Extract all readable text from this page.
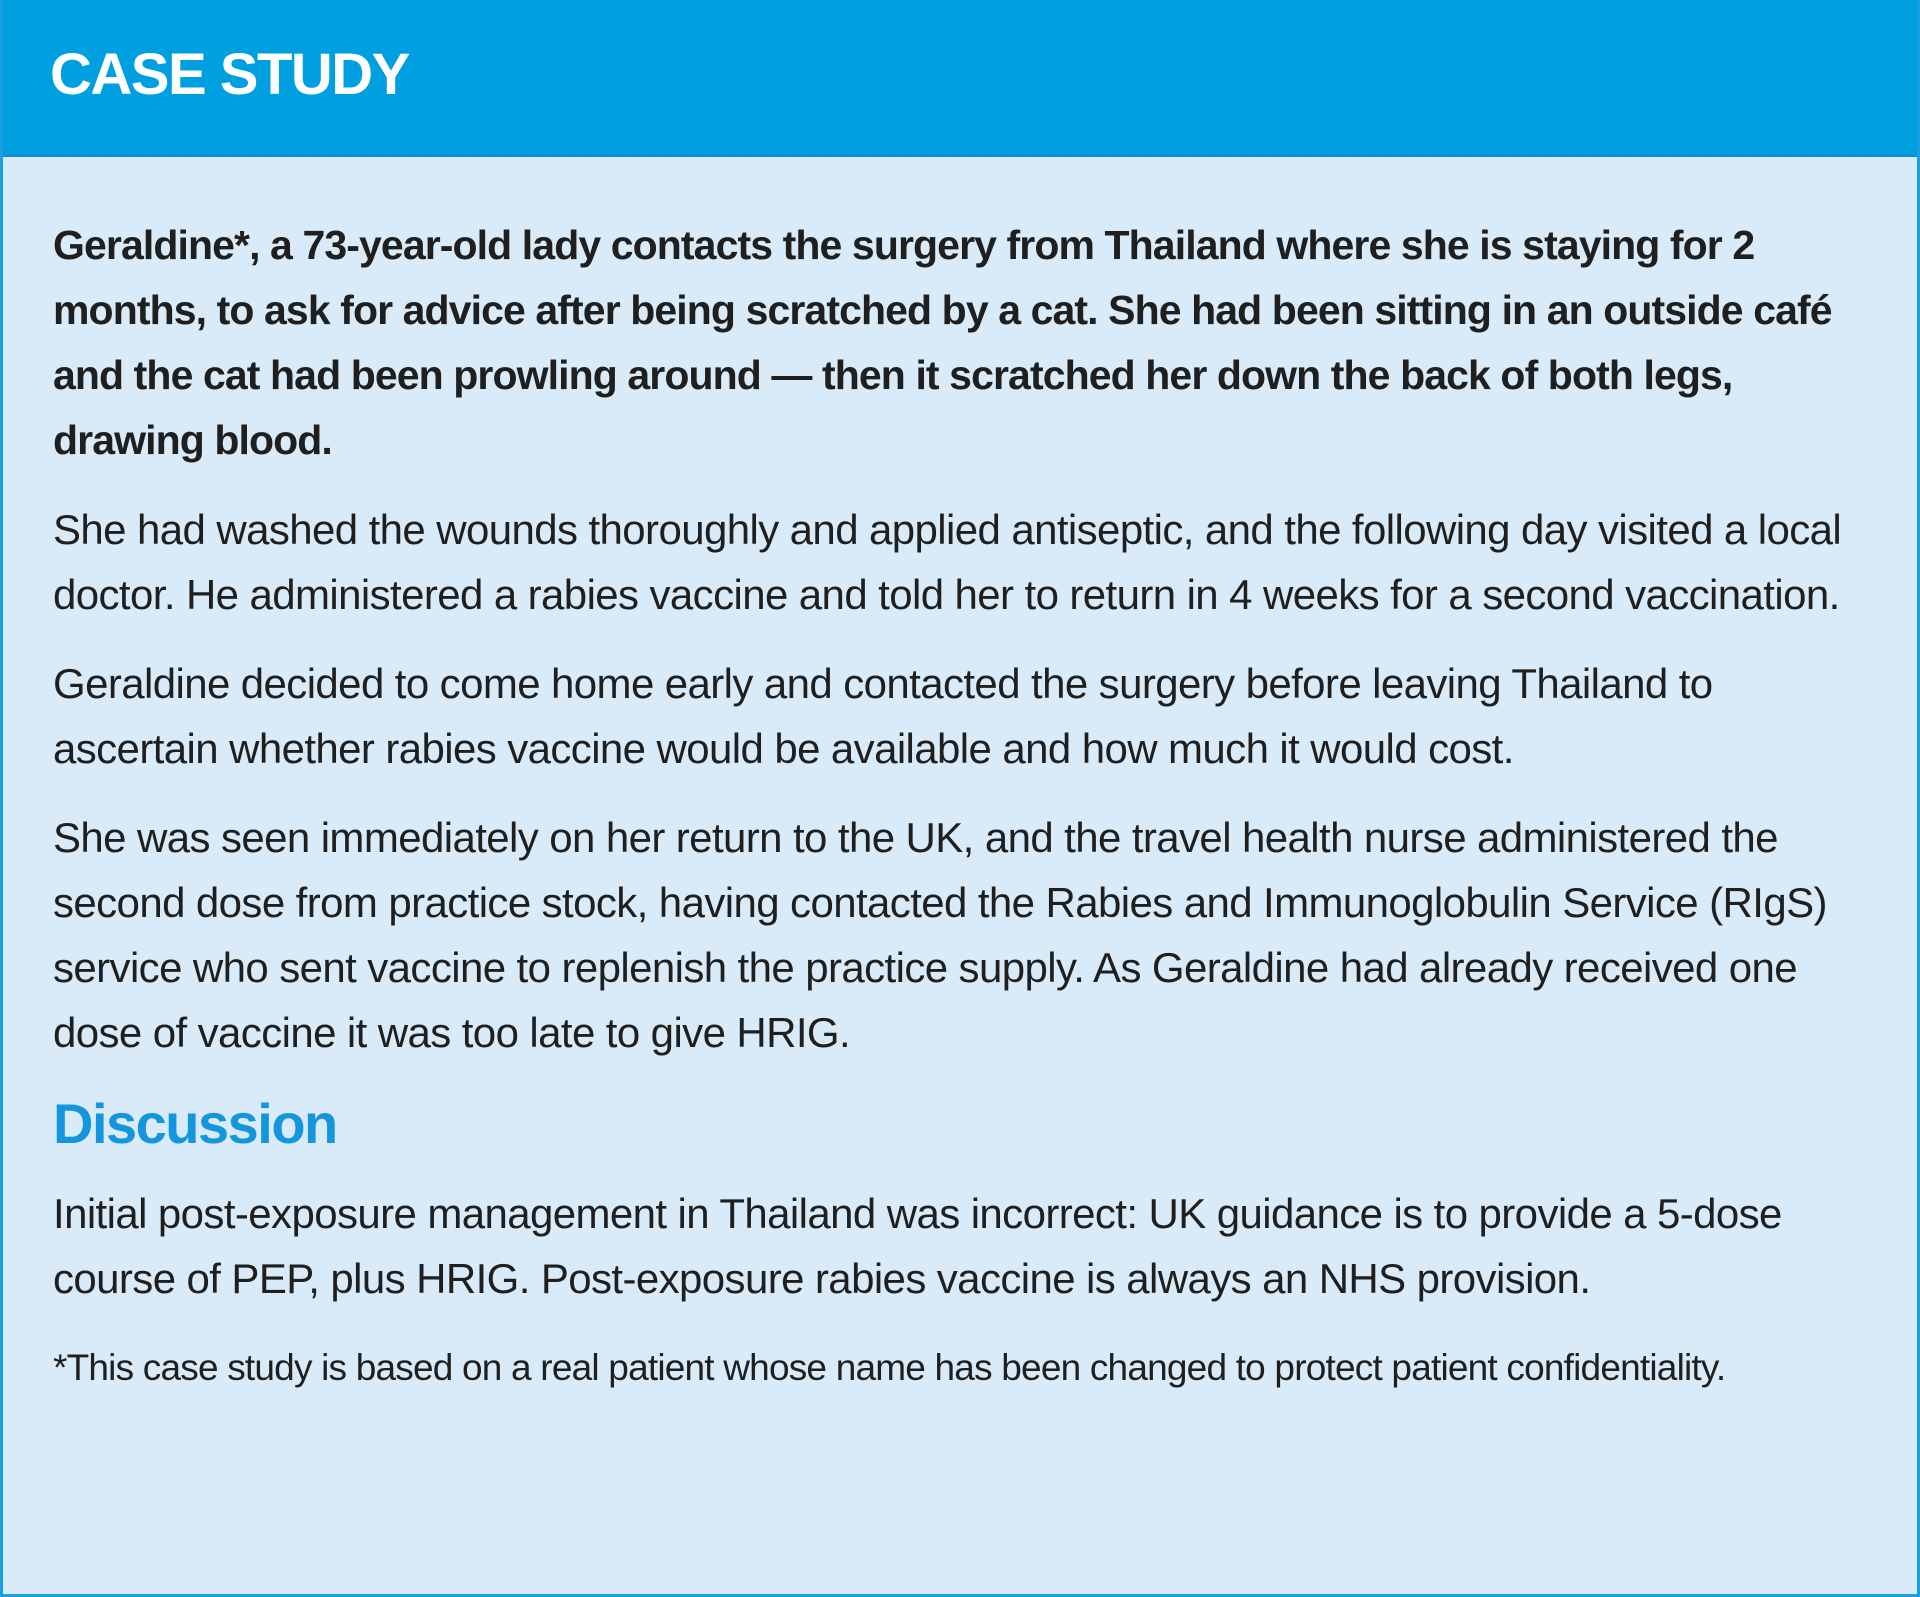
CASE STUDY

Geraldine*, a 73-year-old lady contacts the surgery from Thailand where she is staying for 2 months, to ask for advice after being scratched by a cat. She had been sitting in an outside café and the cat had been prowling around — then it scratched her down the back of both legs, drawing blood.

She had washed the wounds thoroughly and applied antiseptic, and the following day visited a local doctor. He administered a rabies vaccine and told her to return in 4 weeks for a second vaccination.

Geraldine decided to come home early and contacted the surgery before leaving Thailand to ascertain whether rabies vaccine would be available and how much it would cost.

She was seen immediately on her return to the UK, and the travel health nurse administered the second dose from practice stock, having contacted the Rabies and Immunoglobulin Service (RIgS) service who sent vaccine to replenish the practice supply. As Geraldine had already received one dose of vaccine it was too late to give HRIG.

Discussion

Initial post-exposure management in Thailand was incorrect: UK guidance is to provide a 5-dose course of PEP, plus HRIG. Post-exposure rabies vaccine is always an NHS provision.

*This case study is based on a real patient whose name has been changed to protect patient confidentiality.
